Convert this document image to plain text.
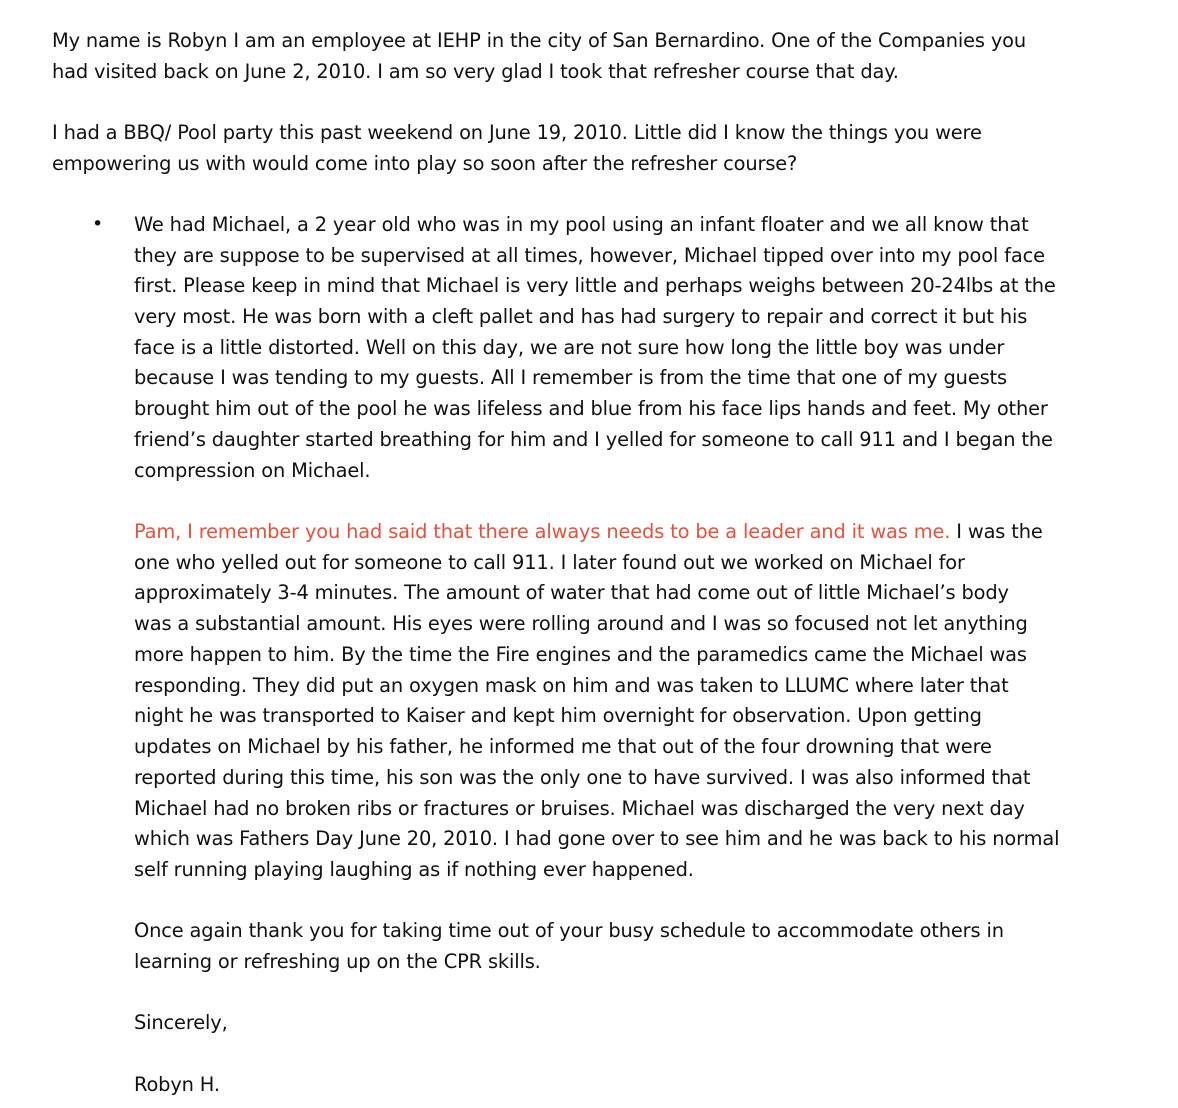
My name is Robyn I am an employee at IEHP in the city of San Bernardino. One of the Companies you
had visited back on June 2, 2010. I am so very glad I took that refresher course that day.
I had a BBQ/ Pool party this past weekend on June 19, 2010. Little did I know the things you were
empowering us with would come into play so soon after the refresher course?
• We had Michael, a 2 year old who was in my pool using an infant floater and we all know that
they are suppose to be supervised at all times, however, Michael tipped over into my pool face
first. Please keep in mind that Michael is very little and perhaps weighs between 20-24lbs at the
very most. He was born with a cleft pallet and has had surgery to repair and correct it but his
face is a little distorted. Well on this day, we are not sure how long the little boy was under
because I was tending to my guests. All I remember is from the time that one of my guests
brought him out of the pool he was lifeless and blue from his face lips hands and feet. My other
friend’s daughter started breathing for him and I yelled for someone to call 911 and I began the
compression on Michael.
Pam, I remember you had said that there always needs to be a leader and it was me. I was the
one who yelled out for someone to call 911. I later found out we worked on Michael for
approximately 3-4 minutes. The amount of water that had come out of little Michael’s body
was a substantial amount. His eyes were rolling around and I was so focused not let anything
more happen to him. By the time the Fire engines and the paramedics came the Michael was
responding. They did put an oxygen mask on him and was taken to LLUMC where later that
night he was transported to Kaiser and kept him overnight for observation. Upon getting
updates on Michael by his father, he informed me that out of the four drowning that were
reported during this time, his son was the only one to have survived. I was also informed that
Michael had no broken ribs or fractures or bruises. Michael was discharged the very next day
which was Fathers Day June 20, 2010. I had gone over to see him and he was back to his normal
self running playing laughing as if nothing ever happened.
Once again thank you for taking time out of your busy schedule to accommodate others in
learning or refreshing up on the CPR skills.
Sincerely,
Robyn H.
